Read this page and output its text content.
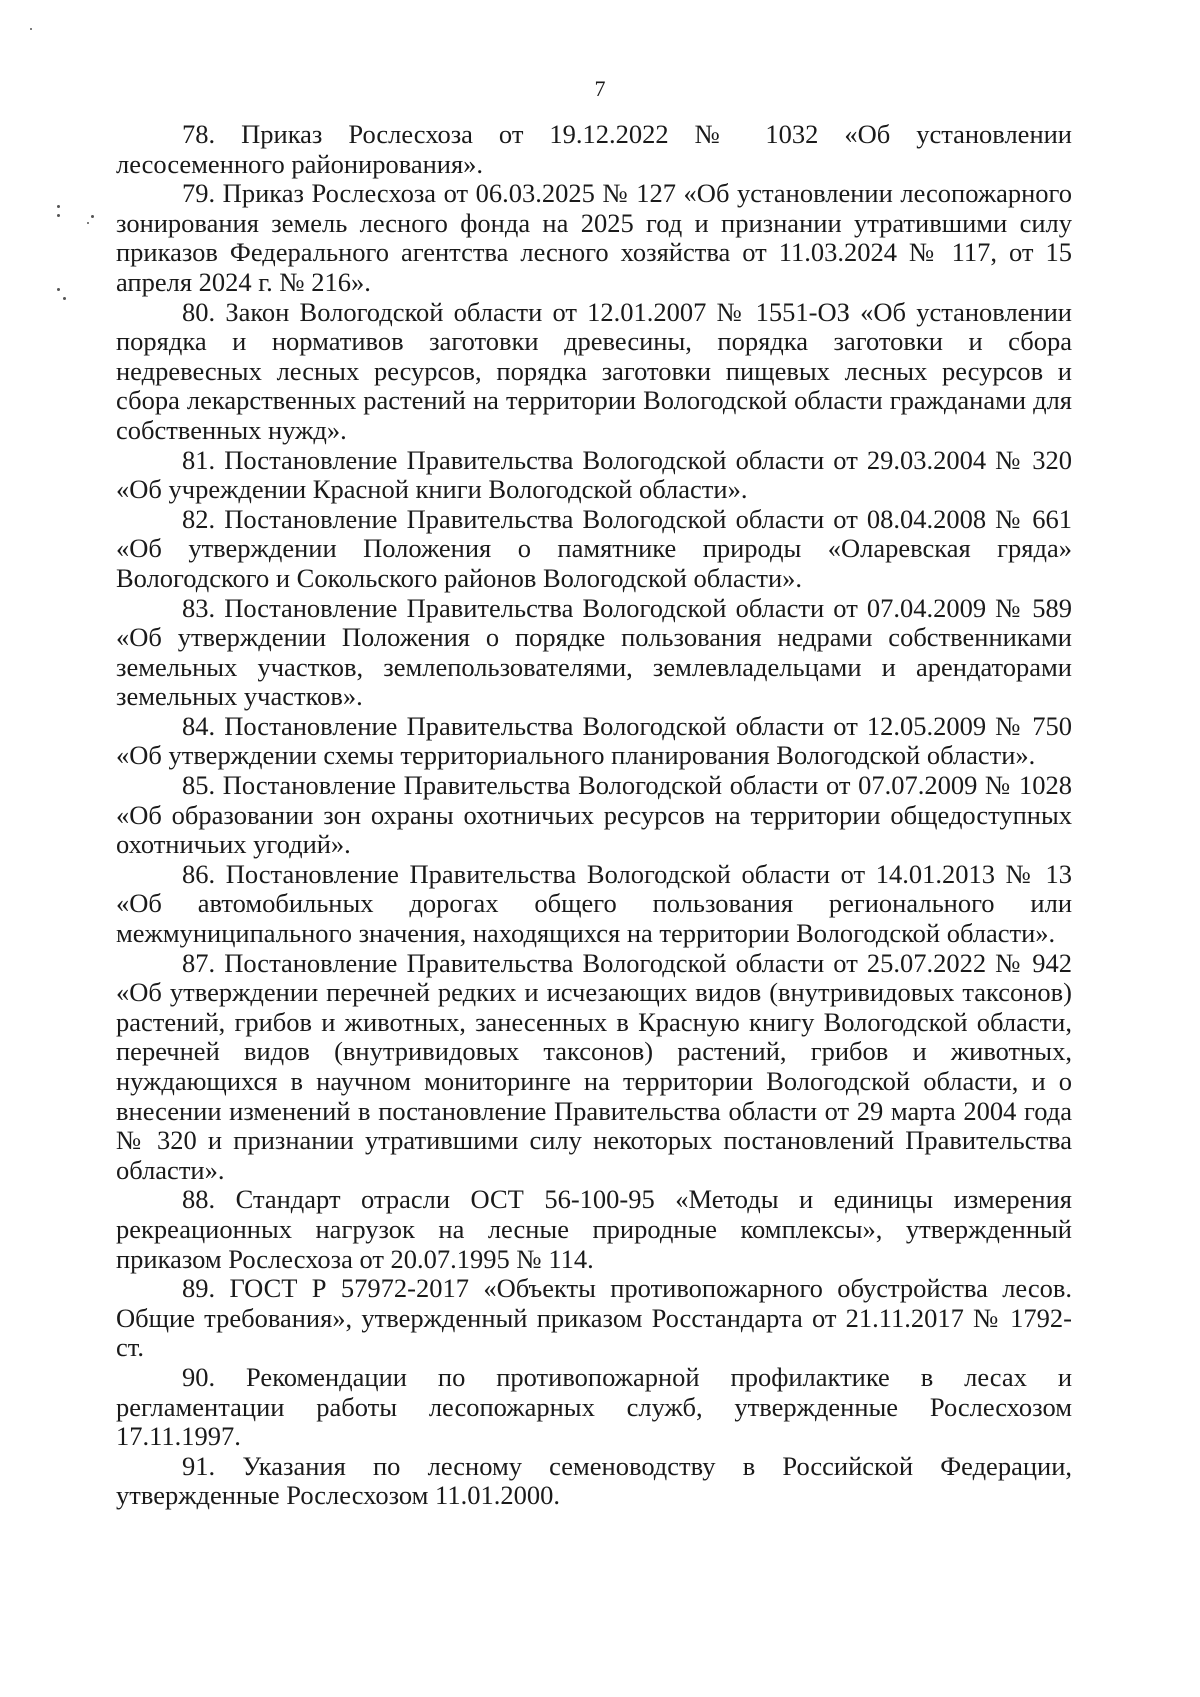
7

78. Приказ Рослесхоза от 19.12.2022 № 1032 «Об установлении лесосеменного районирования».

79. Приказ Рослесхоза от 06.03.2025 № 127 «Об установлении лесопожарного зонирования земель лесного фонда на 2025 год и признании утратившими силу приказов Федерального агентства лесного хозяйства от 11.03.2024 № 117, от 15 апреля 2024 г. № 216».

80. Закон Вологодской области от 12.01.2007 № 1551-ОЗ «Об установлении порядка и нормативов заготовки древесины, порядка заготовки и сбора недревесных лесных ресурсов, порядка заготовки пищевых лесных ресурсов и сбора лекарственных растений на территории Вологодской области гражданами для собственных нужд».

81. Постановление Правительства Вологодской области от 29.03.2004 № 320 «Об учреждении Красной книги Вологодской области».

82. Постановление Правительства Вологодской области от 08.04.2008 № 661 «Об утверждении Положения о памятнике природы «Оларевская гряда» Вологодского и Сокольского районов Вологодской области».

83. Постановление Правительства Вологодской области от 07.04.2009 № 589 «Об утверждении Положения о порядке пользования недрами собственниками земельных участков, землепользователями, землевладельцами и арендаторами земельных участков».

84. Постановление Правительства Вологодской области от 12.05.2009 № 750 «Об утверждении схемы территориального планирования Вологодской области».

85. Постановление Правительства Вологодской области от 07.07.2009 № 1028 «Об образовании зон охраны охотничьих ресурсов на территории общедоступных охотничьих угодий».

86. Постановление Правительства Вологодской области от 14.01.2013 № 13 «Об автомобильных дорогах общего пользования регионального или межмуниципального значения, находящихся на территории Вологодской области».

87. Постановление Правительства Вологодской области от 25.07.2022 № 942 «Об утверждении перечней редких и исчезающих видов (внутривидовых таксонов) растений, грибов и животных, занесенных в Красную книгу Вологодской области, перечней видов (внутривидовых таксонов) растений, грибов и животных, нуждающихся в научном мониторинге на территории Вологодской области, и о внесении изменений в постановление Правительства области от 29 марта 2004 года № 320 и признании утратившими силу некоторых постановлений Правительства области».

88. Стандарт отрасли ОСТ 56-100-95 «Методы и единицы измерения рекреационных нагрузок на лесные природные комплексы», утвержденный приказом Рослесхоза от 20.07.1995 № 114.

89. ГОСТ Р 57972-2017 «Объекты противопожарного обустройства лесов. Общие требования», утвержденный приказом Росстандарта от 21.11.2017 № 1792-ст.

90. Рекомендации по противопожарной профилактике в лесах и регламентации работы лесопожарных служб, утвержденные Рослесхозом 17.11.1997.

91. Указания по лесному семеноводству в Российской Федерации, утвержденные Рослесхозом 11.01.2000.
